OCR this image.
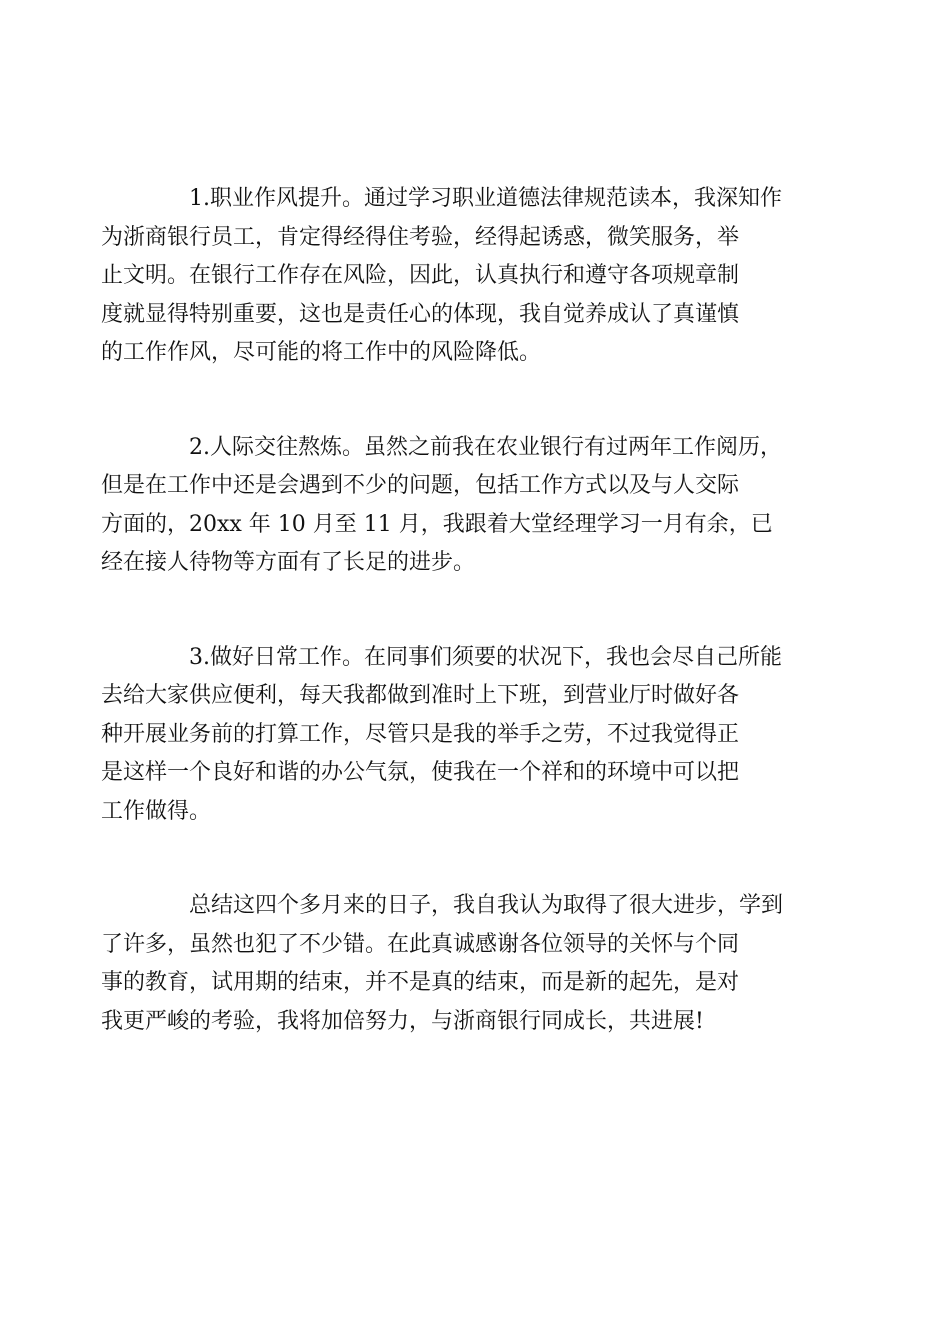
1.职业作风提升。通过学习职业道德法律规范读本，我深知作
为浙商银行员工，肯定得经得住考验，经得起诱惑，微笑服务，举
止文明。在银行工作存在风险，因此，认真执行和遵守各项规章制
度就显得特别重要，这也是责任心的体现，我自觉养成认了真谨慎
的工作作风，尽可能的将工作中的风险降低。

2.人际交往熬炼。虽然之前我在农业银行有过两年工作阅历，
但是在工作中还是会遇到不少的问题，包括工作方式以及与人交际
方面的，20xx 年 10 月至 11 月，我跟着大堂经理学习一月有余，已
经在接人待物等方面有了长足的进步。

3.做好日常工作。在同事们须要的状况下，我也会尽自己所能
去给大家供应便利，每天我都做到准时上下班，到营业厅时做好各
种开展业务前的打算工作，尽管只是我的举手之劳，不过我觉得正
是这样一个良好和谐的办公气氛，使我在一个祥和的环境中可以把
工作做得。

总结这四个多月来的日子，我自我认为取得了很大进步，学到
了许多，虽然也犯了不少错。在此真诚感谢各位领导的关怀与个同
事的教育，试用期的结束，并不是真的结束，而是新的起先，是对
我更严峻的考验，我将加倍努力，与浙商银行同成长，共进展!
